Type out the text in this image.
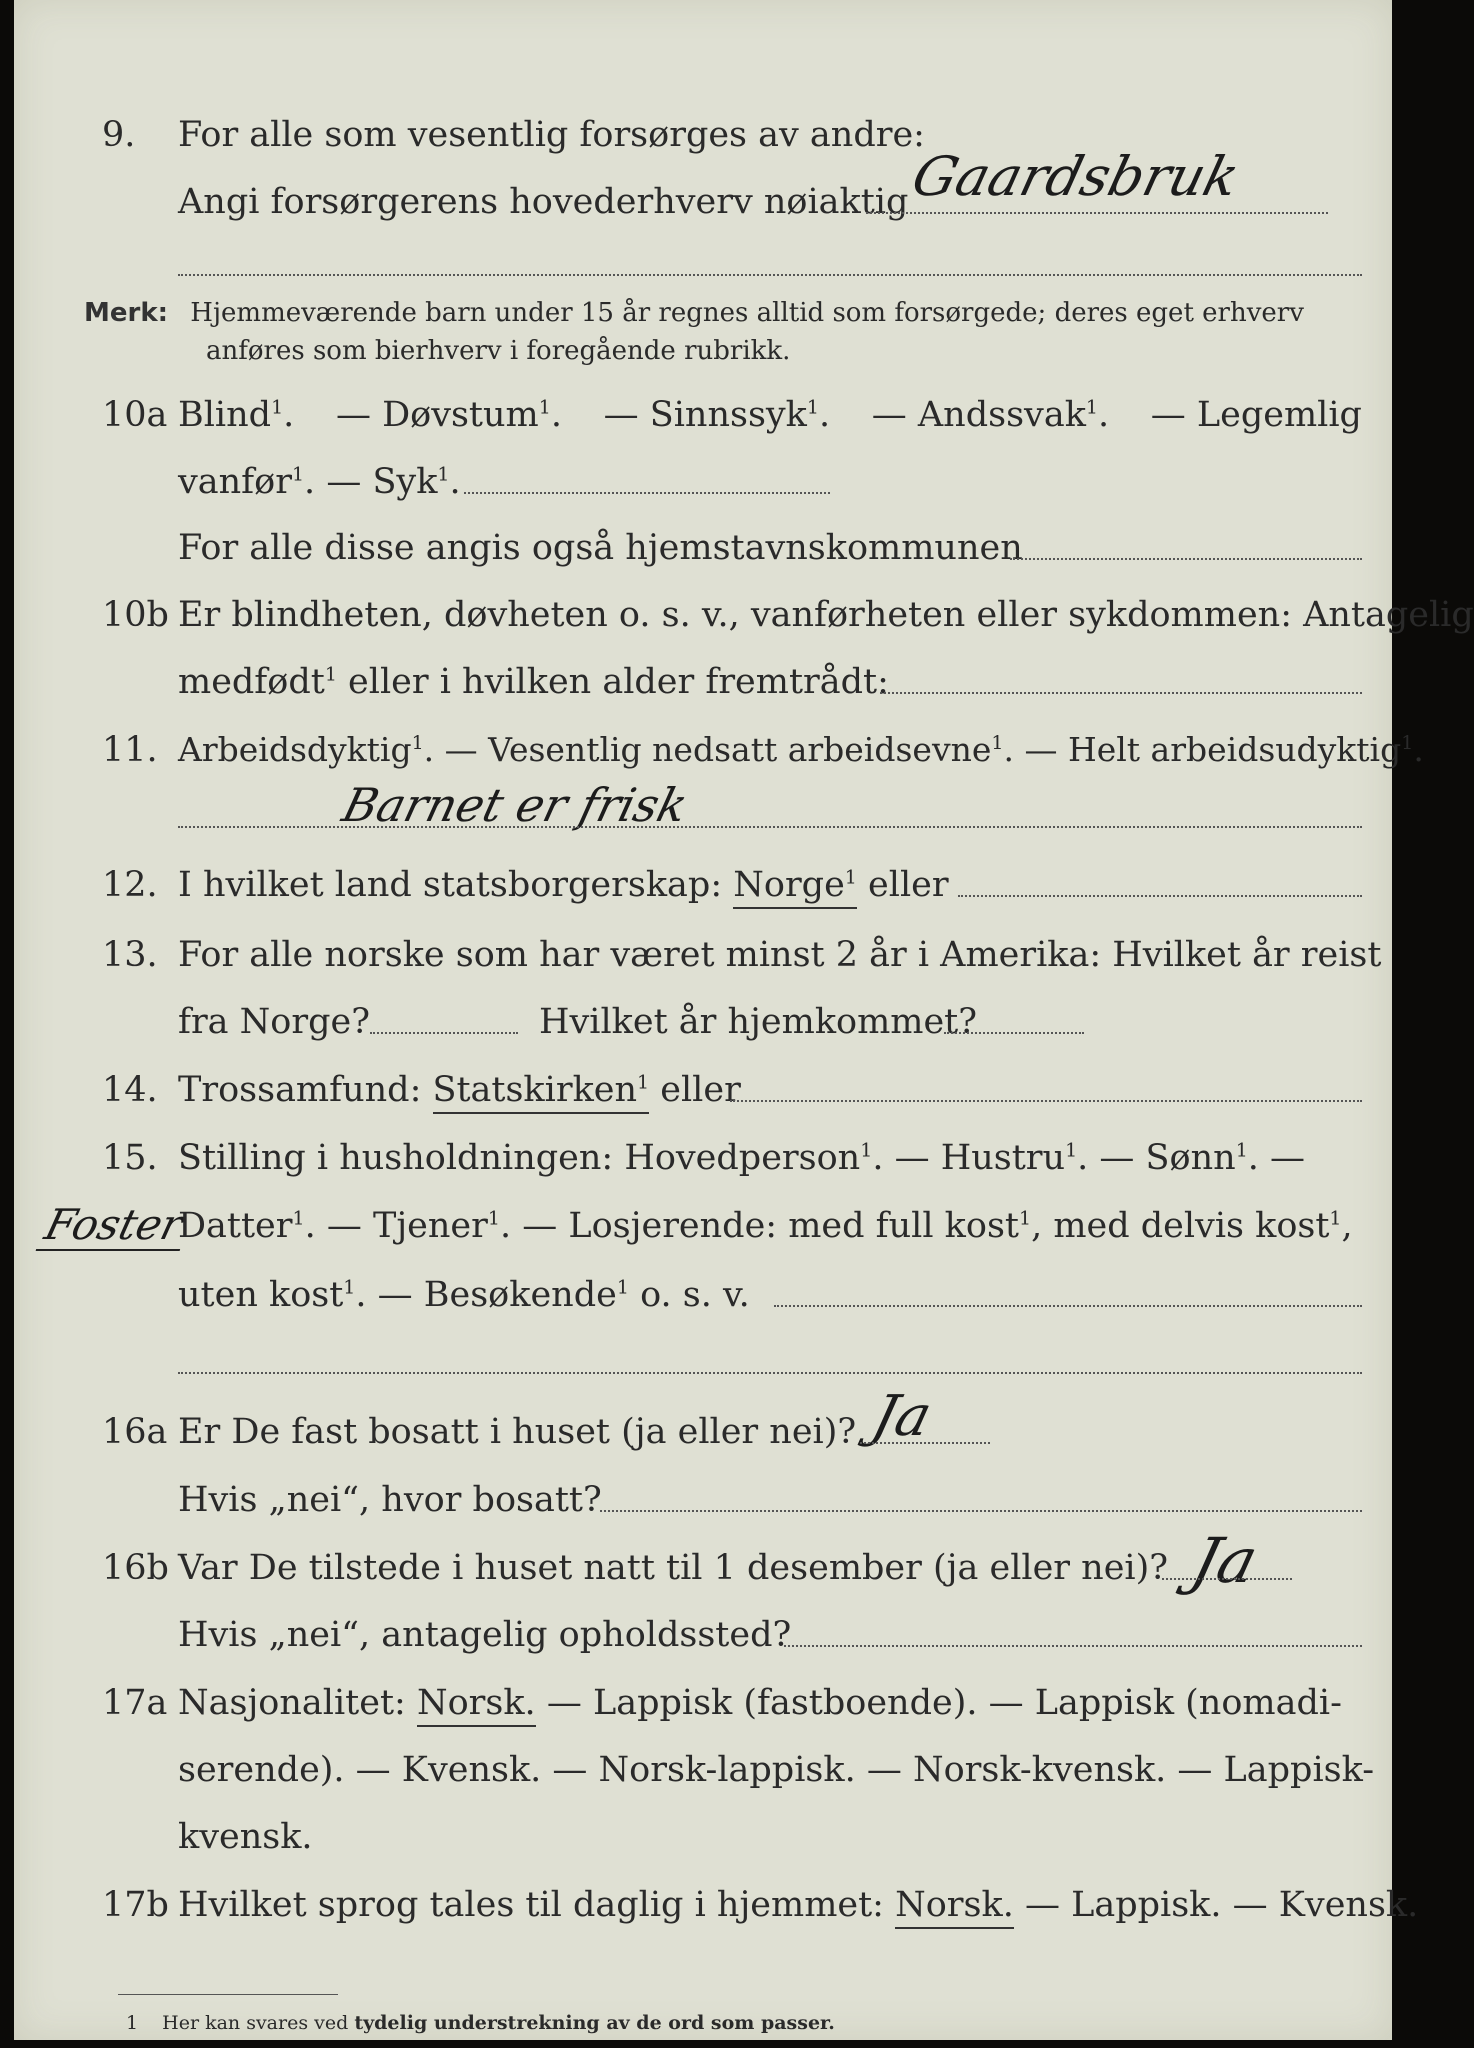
9. For alle som vesentlig forsørges av andre:
Angi forsørgerens hovederhverv nøiaktig
Gaardsbruk
Merk: Hjemmeværende barn under 15 år regnes alltid som forsørgede; deres eget erhverv
anføres som bierhverv i foregående rubrikk.
10a Blind$^1$. — Døvstum$^1$. — Sinnssyk$^1$. — Andssvak$^1$. — Legemlig
vanfør$^1$. — Syk$^1$.
For alle disse angis også hjemstavnskommunen
10b Er blindheten, døvheten o. s. v., vanførheten eller sykdommen: Antagelig
medfødt$^1$ eller i hvilken alder fremtrådt:
11. Arbeidsdyktig$^1$. — Vesentlig nedsatt arbeidsevne$^1$. — Helt arbeidsudyktig$^1$.
Barnet er frisk
12. I hvilket land statsborgerskap: Norge$^1$ eller
13. For alle norske som har været minst 2 år i Amerika: Hvilket år reist
fra Norge?	Hvilket år hjemkommet?
14. Trossamfund: Statskirken$^1$ eller
15. Stilling i husholdningen: Hovedperson$^1$. — Hustru$^1$. — Sønn$^1$. —
Foster
Datter$^1$. — Tjener$^1$. — Losjerende: med full kost$^1$, med delvis kost$^1$,
uten kost$^1$. — Besøkende$^1$ o. s. v.
16a Er De fast bosatt i huset (ja eller nei)? Ja
Hvis „nei“, hvor bosatt?
16b Var De tilstede i huset natt til 1 desember (ja eller nei)? Ja
Hvis „nei“, antagelig opholdssted?
17a Nasjonalitet: Norsk. — Lappisk (fastboende). — Lappisk (nomadi-
serende). — Kvensk. — Norsk-lappisk. — Norsk-kvensk. — Lappisk-
kvensk.
17b Hvilket sprog tales til daglig i hjemmet: Norsk. — Lappisk. — Kvensk.
1 Her kan svares ved tydelig understrekning av de ord som passer.
